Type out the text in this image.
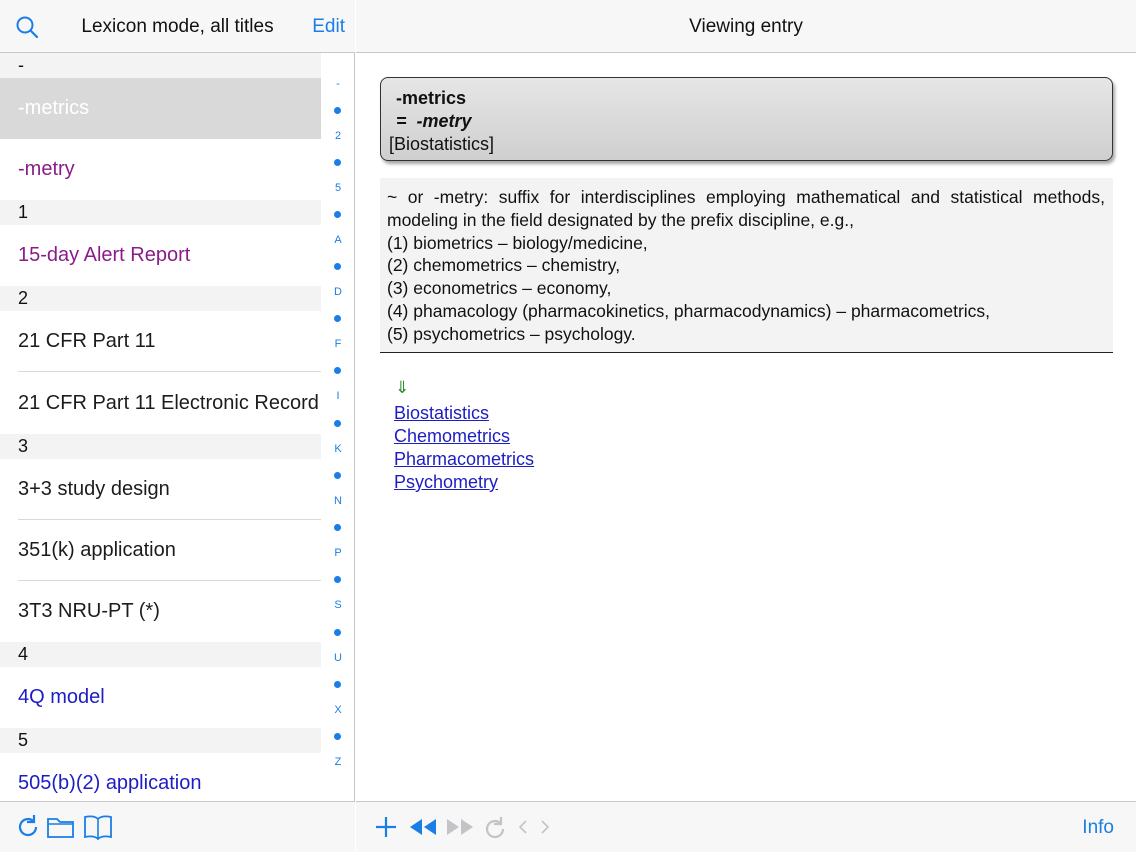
Lexicon mode, all titles	Edit
-
-metrics
-metry
1
15-day Alert Report
2
21 CFR Part 11
21 CFR Part 11 Electronic Record
3
3+3 study design
351(k) application
3T3 NRU-PT (*)
4
4Q model
5
505(b)(2) application
-
2
5
A
D
F
I
K
N
P
S
U
X
Z
Viewing entry
-metrics
=  -metry
[Biostatistics]
~ or -metry: suffix for interdisciplines employing mathematical and statistical methods, modeling in the field designated by the prefix discipline, e.g.,
(1) biometrics – biology/medicine,
(2) chemometrics – chemistry,
(3) econometrics – economy,
(4) phamacology (pharmacokinetics, pharmacodynamics) – pharmacometrics,
(5) psychometrics – psychology.
⇓
Biostatistics
Chemometrics
Pharmacometrics
Psychometry
Info
